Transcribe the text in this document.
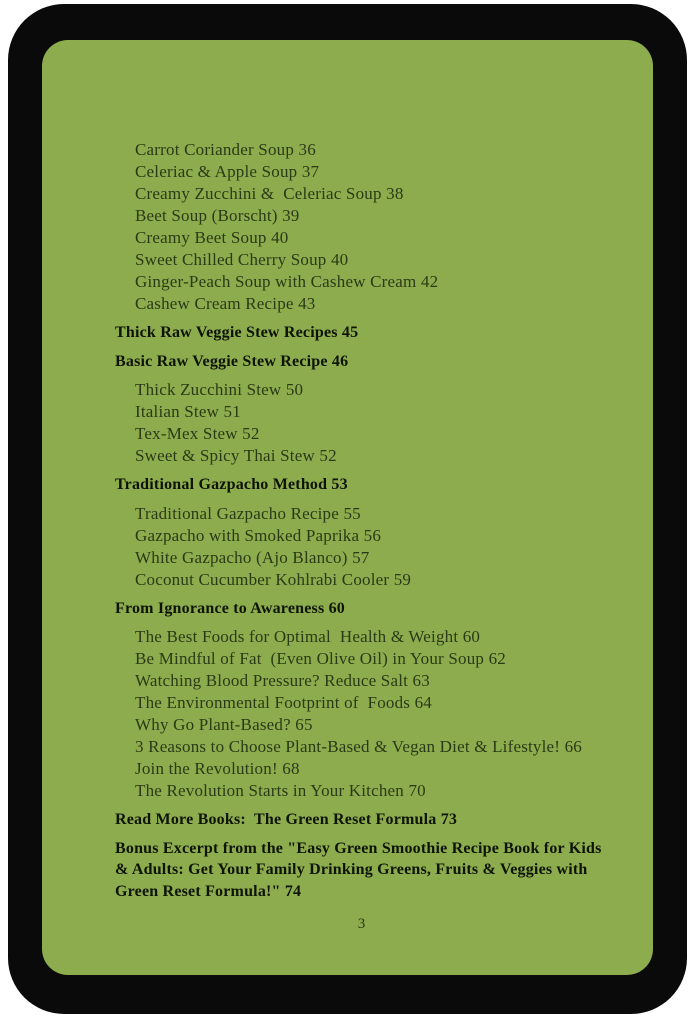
Carrot Coriander Soup 36
Celeriac & Apple Soup 37
Creamy Zucchini &  Celeriac Soup 38
Beet Soup (Borscht) 39
Creamy Beet Soup 40
Sweet Chilled Cherry Soup 40
Ginger-Peach Soup with Cashew Cream 42
Cashew Cream Recipe 43
Thick Raw Veggie Stew Recipes 45
Basic Raw Veggie Stew Recipe 46
Thick Zucchini Stew 50
Italian Stew 51
Tex-Mex Stew 52
Sweet & Spicy Thai Stew 52
Traditional Gazpacho Method 53
Traditional Gazpacho Recipe 55
Gazpacho with Smoked Paprika 56
White Gazpacho (Ajo Blanco) 57
Coconut Cucumber Kohlrabi Cooler 59
From Ignorance to Awareness 60
The Best Foods for Optimal  Health & Weight 60
Be Mindful of Fat  (Even Olive Oil) in Your Soup 62
Watching Blood Pressure? Reduce Salt 63
The Environmental Footprint of  Foods 64
Why Go Plant-Based? 65
3 Reasons to Choose Plant-Based & Vegan Diet & Lifestyle! 66
Join the Revolution! 68
The Revolution Starts in Your Kitchen 70
Read More Books:  The Green Reset Formula 73
Bonus Excerpt from the "Easy Green Smoothie Recipe Book for Kids & Adults: Get Your Family Drinking Greens, Fruits & Veggies with Green Reset Formula!" 74
3
